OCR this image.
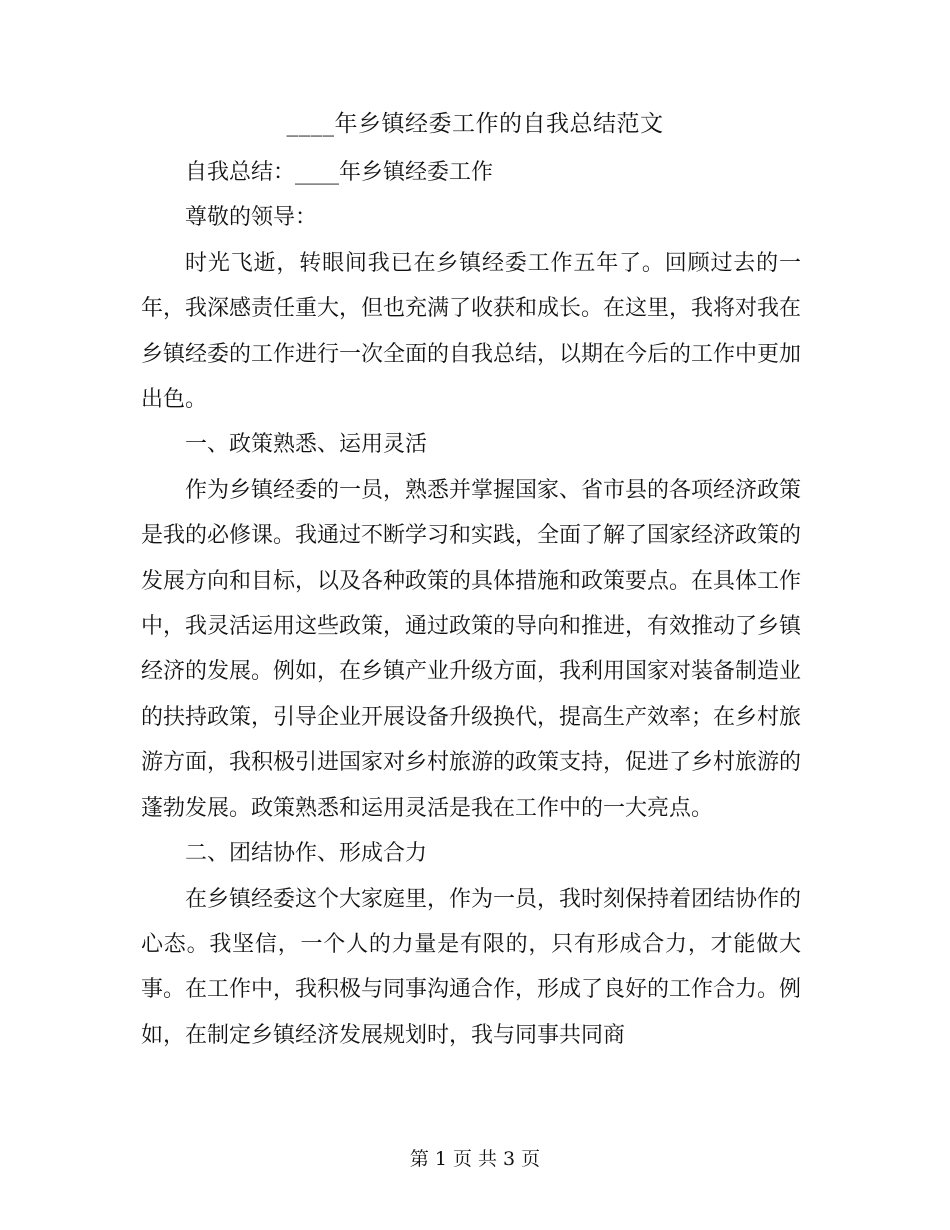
____年乡镇经委工作的自我总结范文

自我总结：____年乡镇经委工作

尊敬的领导：

时光飞逝，转眼间我已在乡镇经委工作五年了。回顾过去的一年，我深感责任重大，但也充满了收获和成长。在这里，我将对我在乡镇经委的工作进行一次全面的自我总结，以期在今后的工作中更加出色。

一、政策熟悉、运用灵活

作为乡镇经委的一员，熟悉并掌握国家、省市县的各项经济政策是我的必修课。我通过不断学习和实践，全面了解了国家经济政策的发展方向和目标，以及各种政策的具体措施和政策要点。在具体工作中，我灵活运用这些政策，通过政策的导向和推进，有效推动了乡镇经济的发展。例如，在乡镇产业升级方面，我利用国家对装备制造业的扶持政策，引导企业开展设备升级换代，提高生产效率；在乡村旅游方面，我积极引进国家对乡村旅游的政策支持，促进了乡村旅游的蓬勃发展。政策熟悉和运用灵活是我在工作中的一大亮点。

二、团结协作、形成合力

在乡镇经委这个大家庭里，作为一员，我时刻保持着团结协作的心态。我坚信，一个人的力量是有限的，只有形成合力，才能做大事。在工作中，我积极与同事沟通合作，形成了良好的工作合力。例如，在制定乡镇经济发展规划时，我与同事共同商

第 1 页 共 3 页
